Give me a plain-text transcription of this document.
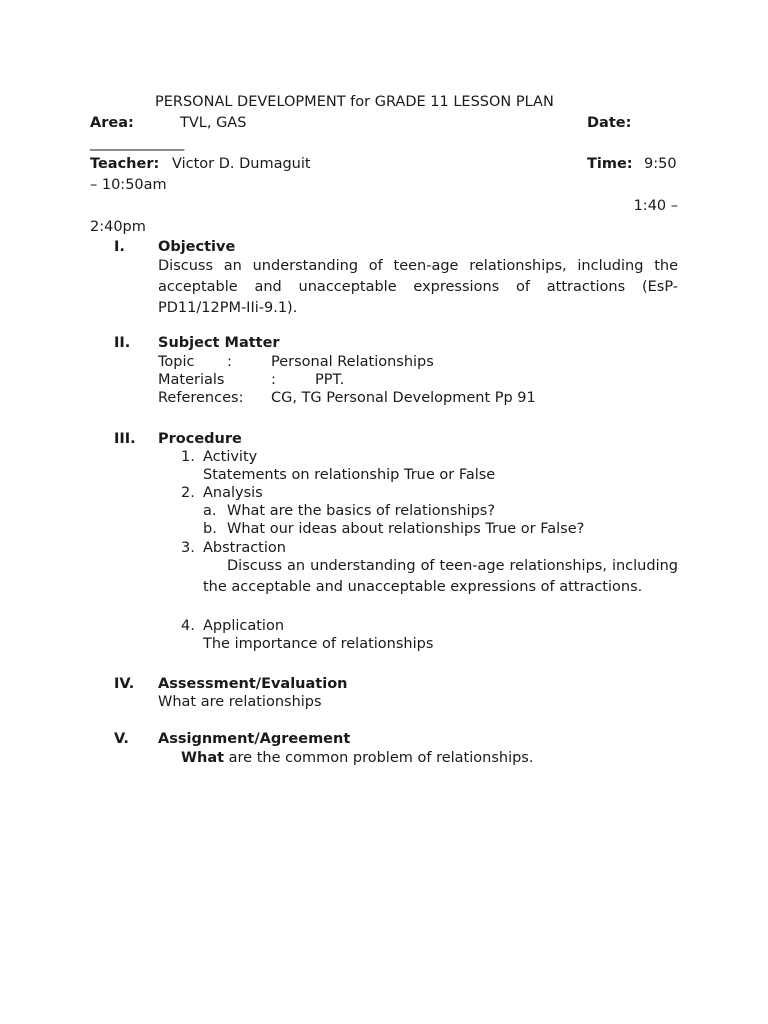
PERSONAL DEVELOPMENT for GRADE 11 LESSON PLAN
Area:	TVL, GAS	Date:
_____________
Teacher: Victor D. Dumaguit	Time: 9:50
– 10:50am
1:40 –
2:40pm
I. Objective
Discuss an understanding of teen-age relationships, including the acceptable and unacceptable expressions of attractions (EsP-PD11/12PM-IIi-9.1).
II. Subject Matter
Topic :	Personal Relationships
Materials	:	PPT.
References: CG, TG Personal Development Pp 91
III. Procedure
1. Activity
Statements on relationship True or False
2. Analysis
a. What are the basics of relationships?
b. What our ideas about relationships True or False?
3. Abstraction
Discuss an understanding of teen-age relationships, including the acceptable and unacceptable expressions of attractions.
4. Application
The importance of relationships
IV. Assessment/Evaluation
What are relationships
V. Assignment/Agreement
What are the common problem of relationships.
